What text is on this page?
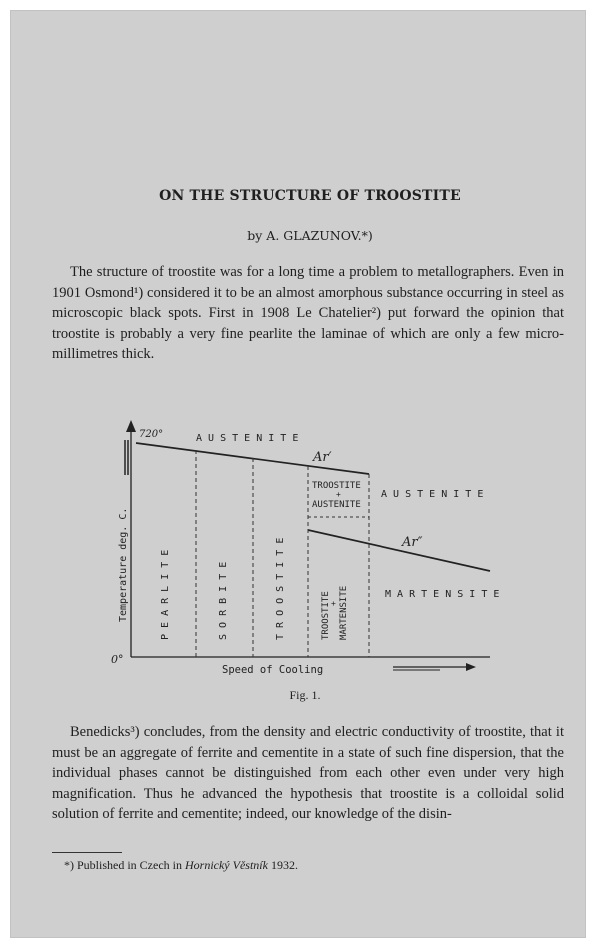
ON THE STRUCTURE OF TROOSTITE
by A. GLAZUNOV.*)
The structure of troostite was for a long time a problem to metallographers. Even in 1901 Osmond¹) considered it to be an almost amorphous substance occurring in steel as microscopic black spots. First in 1908 Le Chatelier²) put forward the opinion that troostite is probably a very fine pearlite the laminae of which are only a few micro-millimetres thick.
720°
0°
Temperature deg. C.
Speed of Cooling
A U S T E N I T E
A U S T E N I T E
M A R T E N S I T E
TROOSTITE
+
AUSTENITE
Ar′
Ar″
P E A R L I T E	S O R B I T E	T R O O S T I T E	TROOSTITE
+ MARTENSITE
Fig. 1.
Benedicks³) concludes, from the density and electric conductivity of troostite, that it must be an aggregate of ferrite and cementite in a state of such fine dispersion, that the individual phases cannot be distinguished from each other even under very high magnification. Thus he advanced the hypothesis that troostite is a colloidal solid solution of ferrite and cementite; indeed, our knowledge of the disin-
*) Published in Czech in Hornický Věstník 1932.
